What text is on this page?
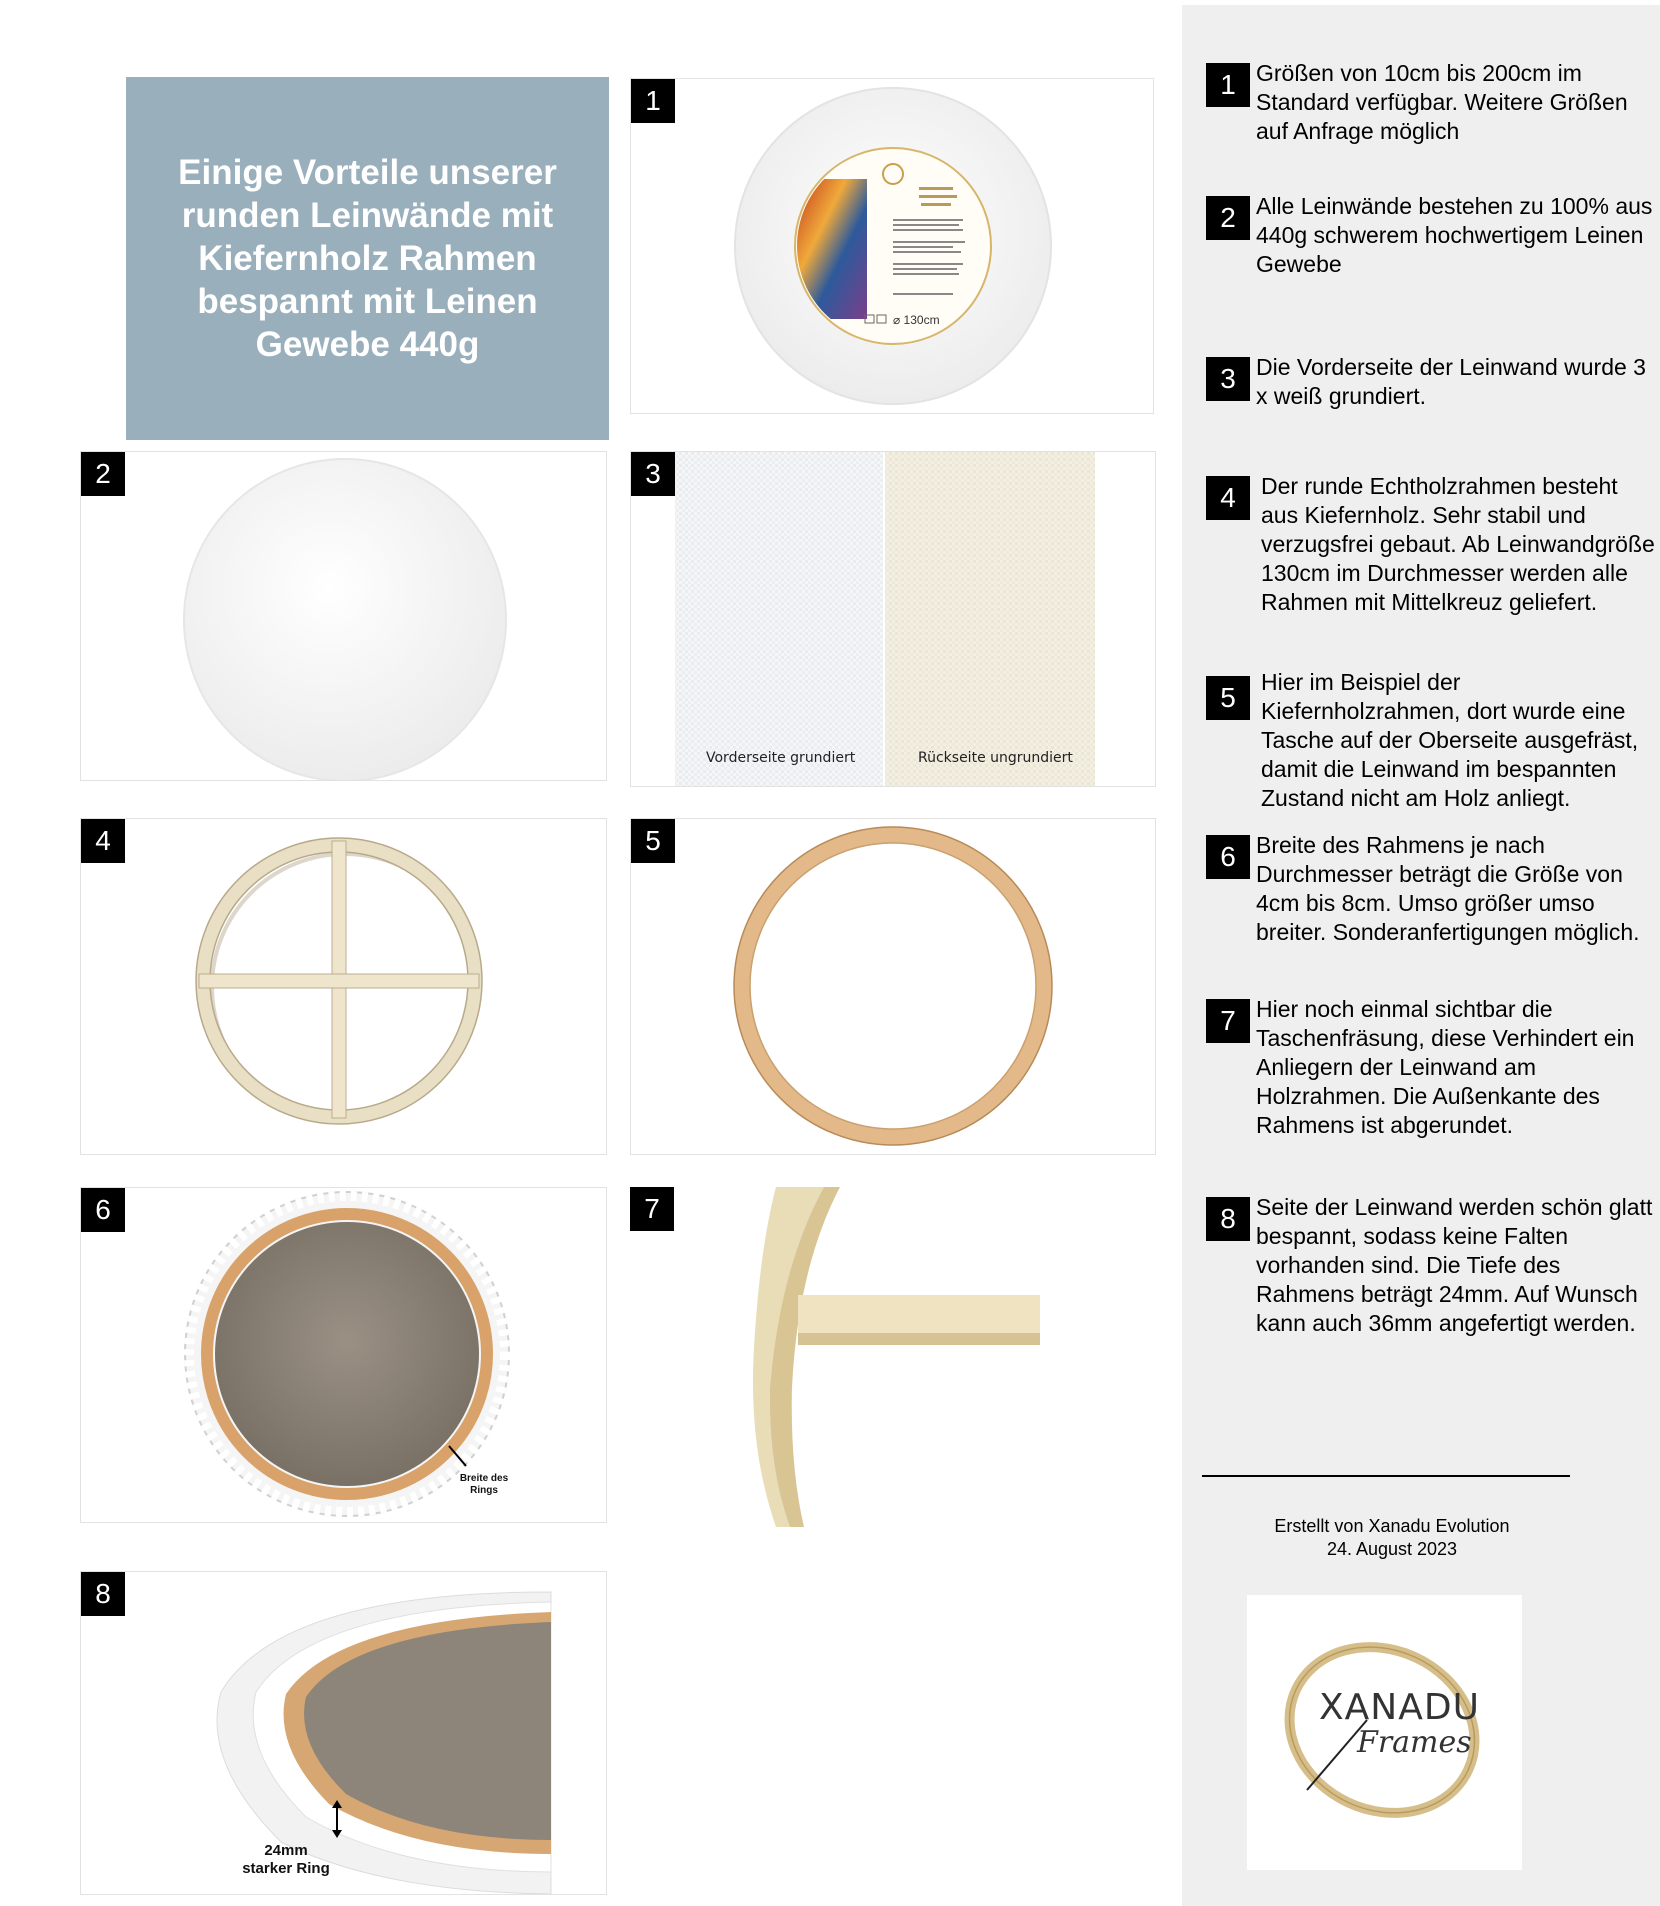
Einige Vorteile unserer runden Leinwände mit Kiefernholz Rahmen bespannt mit Leinen Gewebe 440g
⌀ 130cm
1
2
Vorderseite grundiert	Rückseite ungrundiert
3
4	5
Breite des Rings
6	7
24mm
starker Ring
8
1 Größen von 10cm bis 200cm im Standard verfügbar. Weitere Größen auf Anfrage möglich
2 Alle Leinwände bestehen zu 100% aus 440g schwerem hochwertigem Leinen Gewebe
3 Die Vorderseite der Leinwand wurde 3 x weiß grundiert.
4	Der runde Echtholzrahmen besteht aus Kiefernholz. Sehr stabil und verzugsfrei gebaut. Ab Leinwandgröße 130cm im Durchmesser werden alle Rahmen mit Mittelkreuz geliefert.
5	Hier im Beispiel der Kiefernholzrahmen, dort wurde eine Tasche auf der Oberseite ausgefräst, damit die Leinwand im bespannten Zustand nicht am Holz anliegt.
6 Breite des Rahmens je nach Durchmesser beträgt die Größe von 4cm bis 8cm. Umso größer umso breiter. Sonderanfertigungen möglich.
7 Hier noch einmal sichtbar die Taschenfräsung, diese Verhindert ein Anliegern der Leinwand am Holzrahmen. Die Außenkante des Rahmens ist abgerundet.
8 Seite der Leinwand werden schön glatt bespannt, sodass keine Falten vorhanden sind. Die Tiefe des Rahmens beträgt 24mm. Auf Wunsch kann auch 36mm angefertigt werden.
Erstellt von Xanadu Evolution
24. August 2023
XANADU
Frames
